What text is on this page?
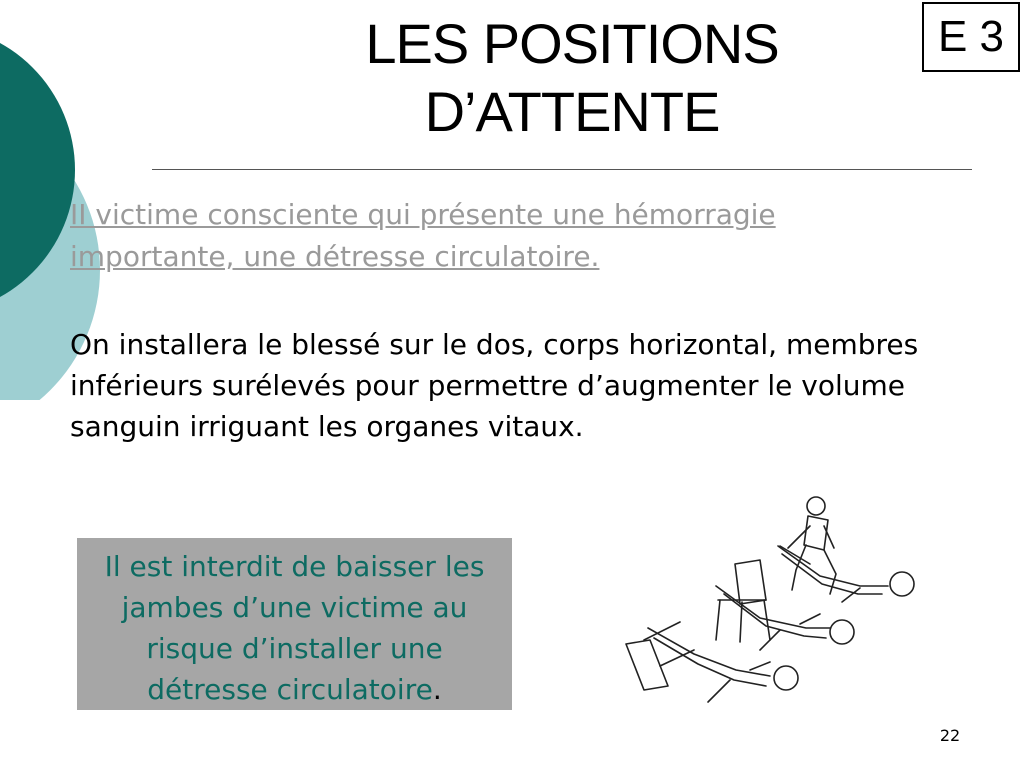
LES POSITIONS
D’ATTENTE
E 3
II victime consciente qui présente une hémorragie importante, une détresse circulatoire.
On installera le blessé sur le dos, corps horizontal, membres inférieurs surélevés pour permettre d’augmenter le volume sanguin irriguant les organes vitaux.
Il est interdit de baisser les jambes d’une victime au risque d’installer une détresse circulatoire.
22
